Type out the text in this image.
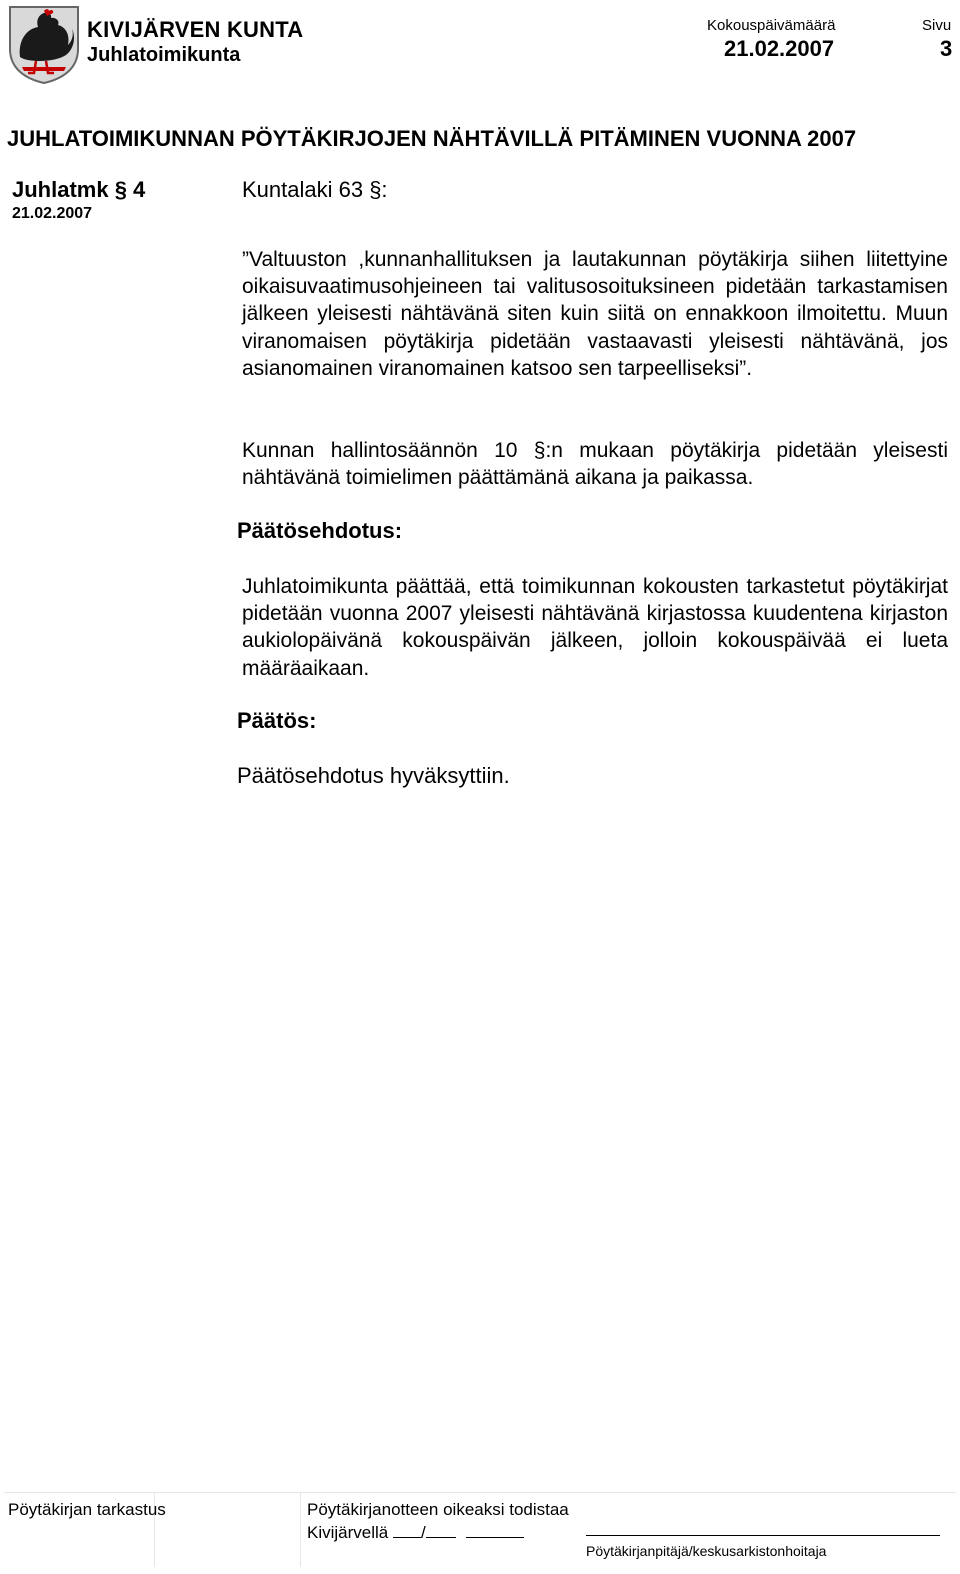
KIVIJÄRVEN KUNTA
Juhlatoimikunta
Kokouspäivämäärä
21.02.2007
Sivu
3
JUHLATOIMIKUNNAN PÖYTÄKIRJOJEN NÄHTÄVILLÄ PITÄMINEN VUONNA 2007
Juhlatmk § 4
21.02.2007
Kuntalaki 63 §:

”Valtuuston ,kunnanhallituksen ja lautakunnan pöytäkirja siihen liitettyine oikaisuvaatimusohjeineen tai valitusosoituksineen pidetään tarkastamisen jälkeen yleisesti nähtävänä siten kuin siitä on ennakkoon ilmoitettu. Muun viranomaisen pöytäkirja pidetään vastaavasti yleisesti nähtävänä, jos asianomainen viranomainen katsoo sen tarpeelliseksi”.

Kunnan hallintosäännön 10 §:n mukaan pöytäkirja pidetään yleisesti nähtävänä toimielimen päättämänä aikana ja paikassa.

Päätösehdotus:

Juhlatoimikunta päättää, että toimikunnan kokousten tarkastetut pöytäkirjat pidetään vuonna 2007 yleisesti nähtävänä kirjastossa kuudentena kirjaston aukiolopäivänä kokouspäivän jälkeen, jolloin kokouspäivää ei lueta määräaikaan.

Päätös:
Päätösehdotus hyväksyttiin.
Pöytäkirjan tarkastus	Pöytäkirjanotteen oikeaksi todistaa
Kivijärvellä /
Pöytäkirjanpitäjä/keskusarkistonhoitaja
